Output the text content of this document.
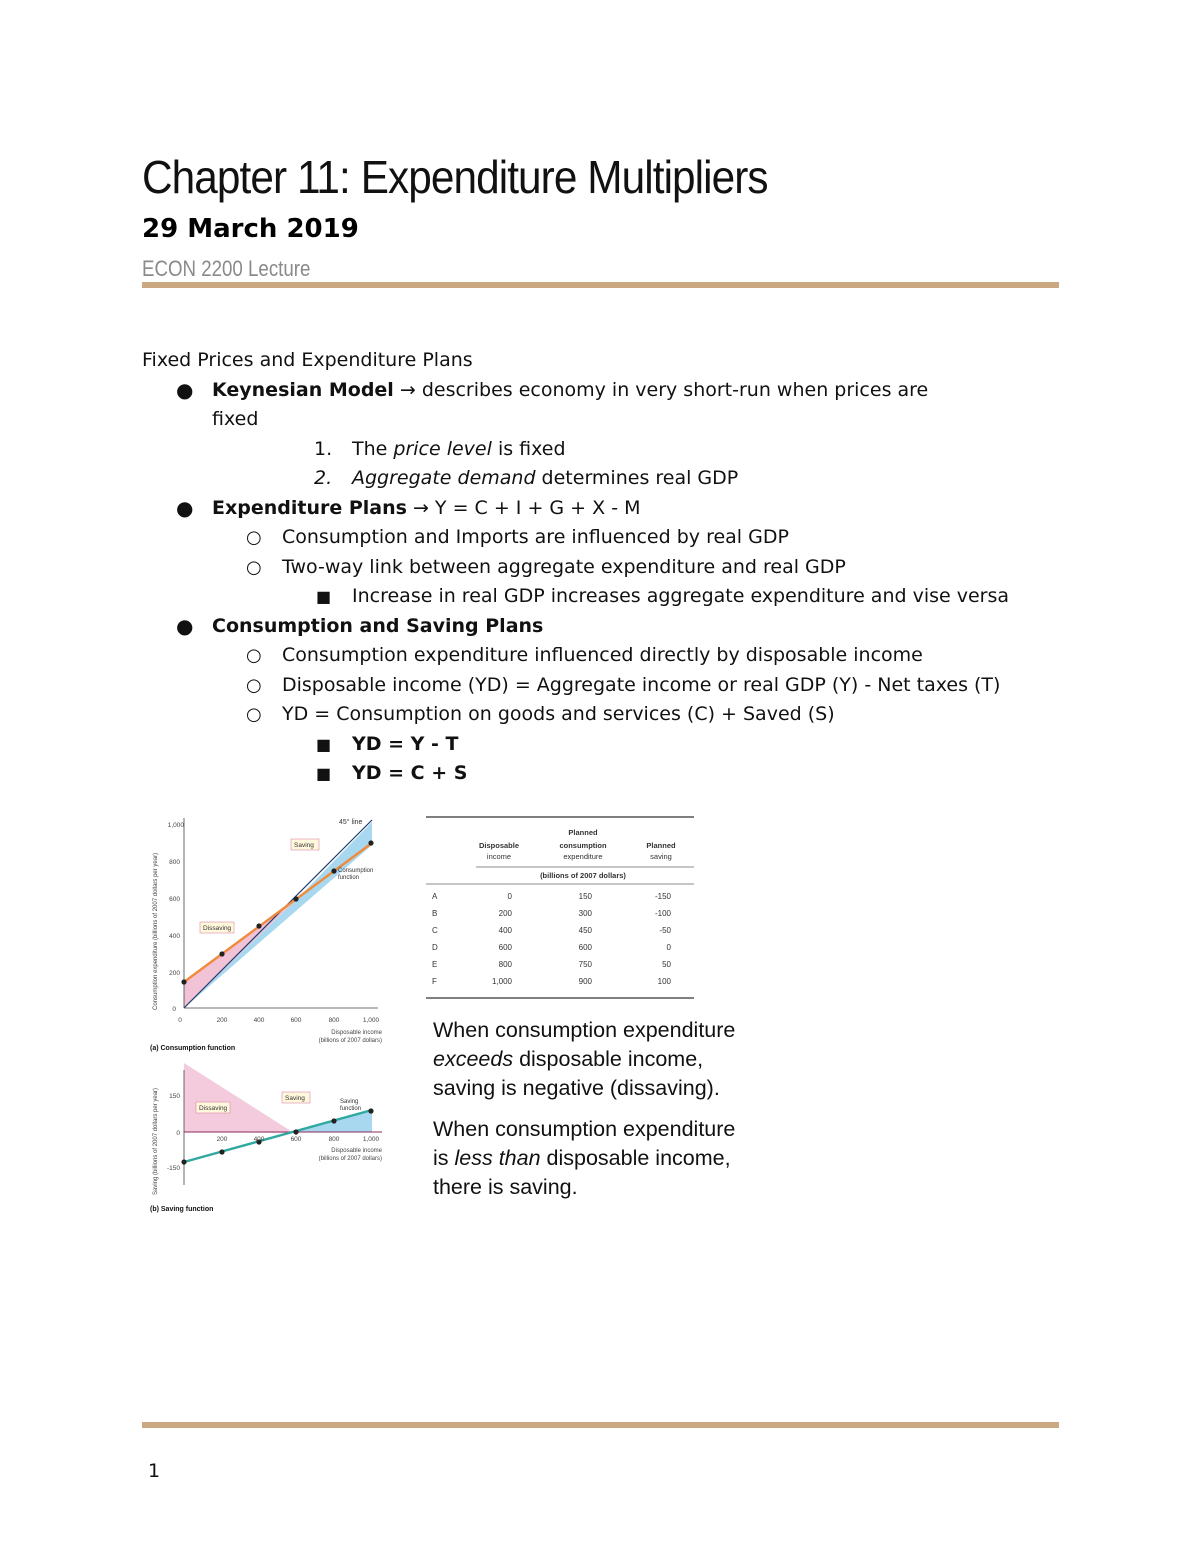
Chapter 11: Expenditure Multipliers
29 March 2019
ECON 2200 Lecture
Fixed Prices and Expenditure Plans
● Keynesian Model → describes economy in very short-run when prices are
fixed
1. The price level is fixed
2. Aggregate demand determines real GDP
● Expenditure Plans → Y = C + I + G + X - M
○ Consumption and Imports are influenced by real GDP
○ Two-way link between aggregate expenditure and real GDP
■ Increase in real GDP increases aggregate expenditure and vise versa
● Consumption and Saving Plans
○ Consumption expenditure influenced directly by disposable income
○ Disposable income (YD) = Aggregate income or real GDP (Y) - Net taxes (T)
○ YD = Consumption on goods and services (C) + Saved (S)
■ YD = Y - T
■ YD = C + S
45° line
Saving
Dissaving
Consumption
function
0
200
400
600
800
1,000
0	200	400	600	800	1,000
Disposable income
(billions of 2007 dollars)
Consumption expenditure (billions of 2007 dollars per year)
(a) Consumption function
Dissaving
Saving	Saving
function
150
0
-150
200	400	600	800	1,000
Disposable income
(billions of 2007 dollars)
Saving (billions of 2007 dollars per year)
(b) Saving function
Disposable
income
Planned
consumption
expenditure
Planned
saving
(billions of 2007 dollars)
A	0	150	-150
B	200	300	-100
C	400	450	-50
D	600	600	0
E	800	750	50
F	1,000	900	100

When consumption expenditure
exceeds disposable income,
saving is negative (dissaving).

When consumption expenditure
is less than disposable income,
there is saving.

1
